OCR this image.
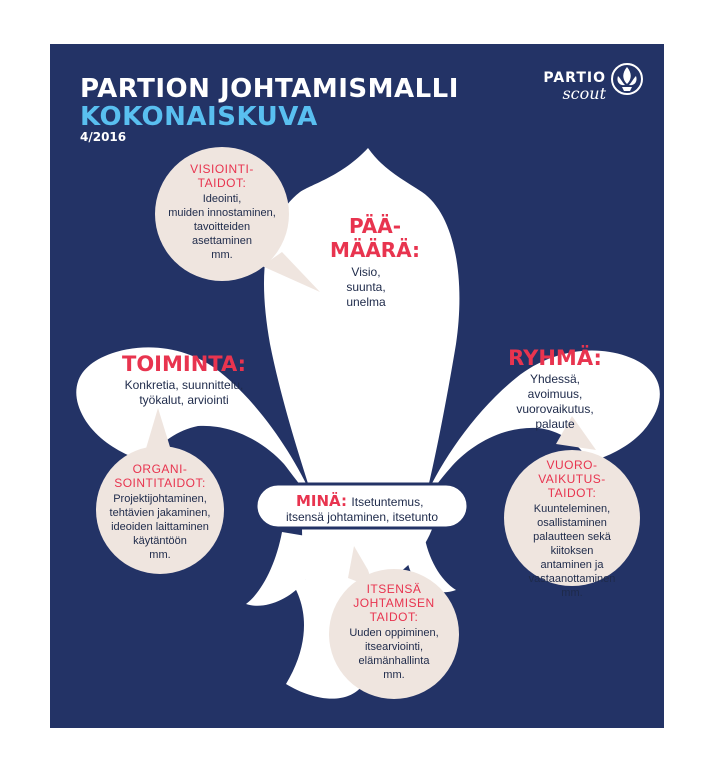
PARTION JOHTAMISMALLI
KOKONAISKUVA
4/2016
PARTIO
scout
PÄÄ-
MÄÄRÄ:
Visio,
suunta,
unelma
TOIMINTA:
Konkretia, suunnittelu,
työkalut, arviointi
RYHMÄ:
Yhdessä,
avoimuus, vuorovaikutus,
palaute
MINÄ: Itsetuntemus,
itsensä johtaminen, itsetunto
VISIOINTI-
TAIDOT:
Ideointi,
muiden innostaminen,
tavoitteiden
asettaminen
mm.
ORGANI-
SOINTITAIDOT:
Projektijohtaminen,
tehtävien jakaminen,
ideoiden laittaminen
käytäntöön
mm.
ITSENSÄ
JOHTAMISEN
TAIDOT:
Uuden oppiminen,
itsearviointi,
elämänhallinta
mm.
VUORO-
VAIKUTUS-
TAIDOT:
Kuunteleminen,
osallistaminen
palautteen sekä kiitoksen
antaminen ja
vastaanottaminen
mm.
